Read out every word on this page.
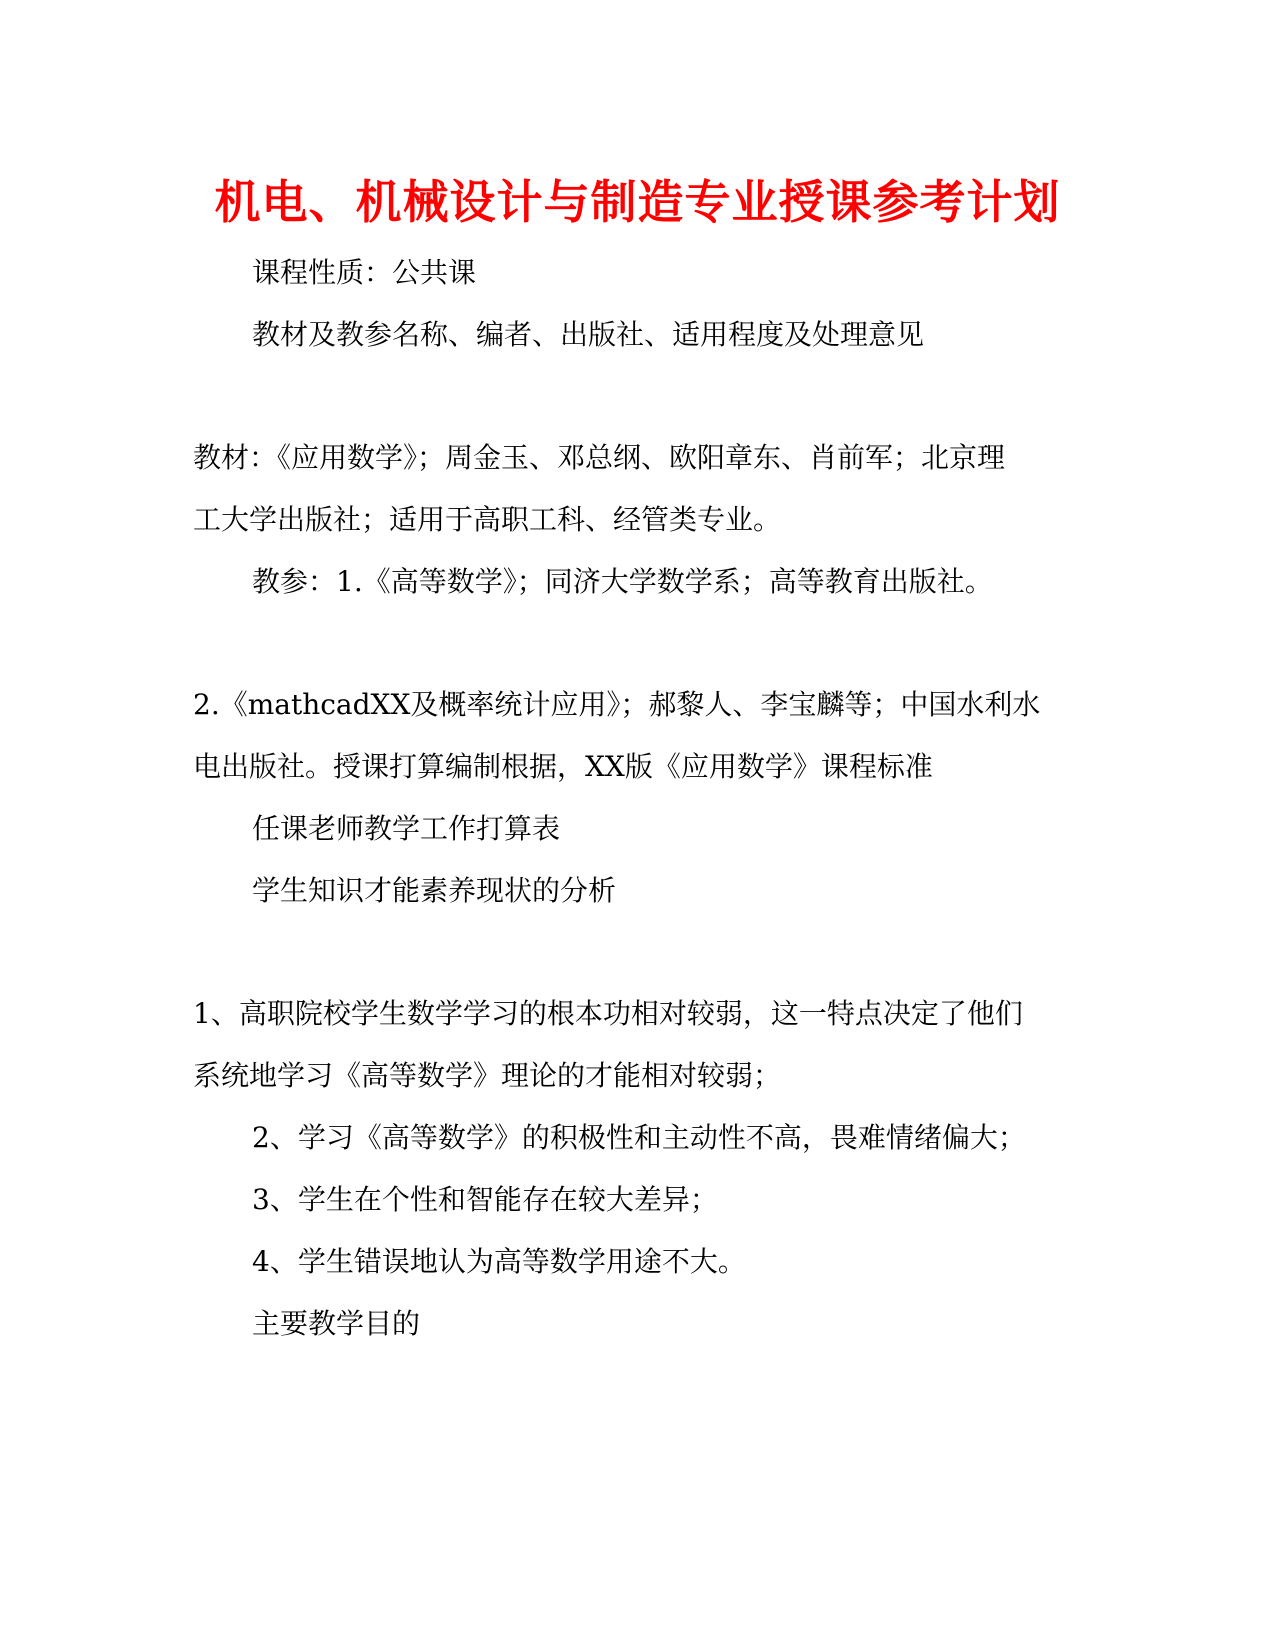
机电、机械设计与制造专业授课参考计划
课程性质：公共课
教材及教参名称、编者、出版社、适用程度及处理意见
教材：《应用数学》；周金玉、邓总纲、欧阳章东、肖前军；北京理
工大学出版社；适用于高职工科、经管类专业。
教参：1.《高等数学》；同济大学数学系；高等教育出版社。
2.《mathcadXX及概率统计应用》；郝黎人、李宝麟等；中国水利水
电出版社。授课打算编制根据，XX版《应用数学》课程标准
任课老师教学工作打算表
学生知识才能素养现状的分析
1、高职院校学生数学学习的根本功相对较弱，这一特点决定了他们
系统地学习《高等数学》理论的才能相对较弱；
2、学习《高等数学》的积极性和主动性不高，畏难情绪偏大；
3、学生在个性和智能存在较大差异；
4、学生错误地认为高等数学用途不大。
主要教学目的
